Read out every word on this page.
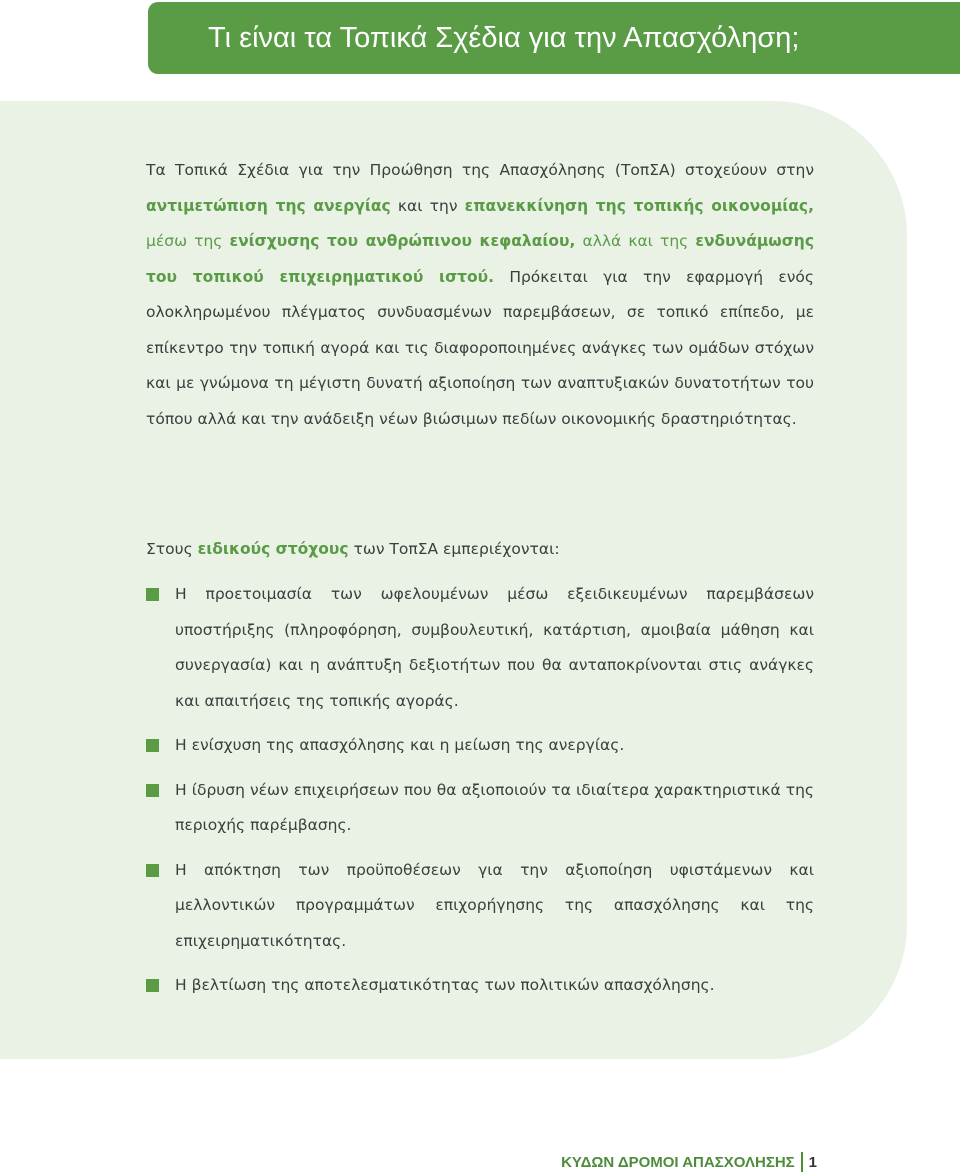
Τι είναι τα Τοπικά Σχέδια για την Απασχόληση;

Τα Τοπικά Σχέδια για την Προώθηση της Απασχόλησης (ΤοπΣΑ) στοχεύουν στην αντιμετώπιση της ανεργίας και την επανεκκίνηση της τοπικής οικονομίας, μέσω της ενίσχυσης του ανθρώπινου κεφαλαίου, αλλά και της ενδυνάμωσης του τοπικού επιχειρηματικού ιστού. Πρόκειται για την εφαρμογή ενός ολοκληρωμένου πλέγματος συνδυασμένων παρεμβάσεων, σε τοπικό επίπεδο, με επίκεντρο την τοπική αγορά και τις διαφοροποιημένες ανάγκες των ομάδων στόχων και με γνώμονα τη μέγιστη δυνατή αξιοποίηση των αναπτυξιακών δυνατοτήτων του τόπου αλλά και την ανάδειξη νέων βιώσιμων πεδίων οικονομικής δραστηριότητας.

Στους ειδικούς στόχους των ΤοπΣΑ εμπεριέχονται:

Η προετοιμασία των ωφελουμένων μέσω εξειδικευμένων παρεμβάσεων υποστήριξης (πληροφόρηση, συμβουλευτική, κατάρτιση, αμοιβαία μάθηση και συνεργασία) και η ανάπτυξη δεξιοτήτων που θα ανταποκρίνονται στις ανάγκες και απαιτήσεις της τοπικής αγοράς.
Η ενίσχυση της απασχόλησης και η μείωση της ανεργίας.
Η ίδρυση νέων επιχειρήσεων που θα αξιοποιούν τα ιδιαίτερα χαρακτηριστικά της περιοχής παρέμβασης.
Η απόκτηση των προϋποθέσεων για την αξιοποίηση υφιστάμενων και μελλοντικών προγραμμάτων επιχορήγησης της απασχόλησης και της επιχειρηματικότητας.
Η βελτίωση της αποτελεσματικότητας των πολιτικών απασχόλησης.
ΚΥΔΩΝ ΔΡΟΜΟΙ ΑΠΑΣΧΟΛΗΣΗΣ 1
